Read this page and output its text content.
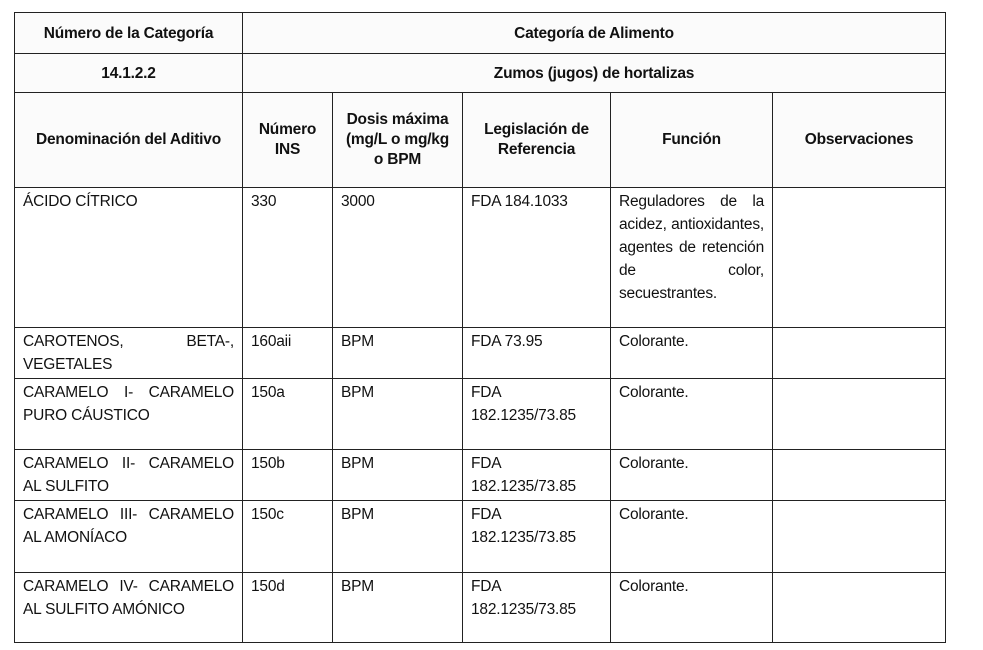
Número de la Categoría	Categoría de Alimento				
14.1.2.2	Zumos (jugos) de hortalizas				
Denominación del Aditivo	Número INS	Dosis máxima (mg/L o mg/kg o BPM	Legislación de Referencia	Función	Observaciones
ÁCIDO CÍTRICO	330	3000	FDA 184.1033	Reguladores de la acidez, antioxidantes, agentes de retención de color, secuestrantes.	
CAROTENOS, BETA-, VEGETALES	160aii	BPM	FDA 73.95	Colorante.	
CARAMELO I- CARAMELO PURO CÁUSTICO	150a	BPM	FDA 182.1235/73.85	Colorante.	
CARAMELO II- CARAMELO AL SULFITO	150b	BPM	FDA 182.1235/73.85	Colorante.	
CARAMELO III- CARAMELO AL AMONÍACO	150c	BPM	FDA 182.1235/73.85	Colorante.	
CARAMELO IV- CARAMELO AL SULFITO AMÓNICO	150d	BPM	FDA 182.1235/73.85	Colorante.	
